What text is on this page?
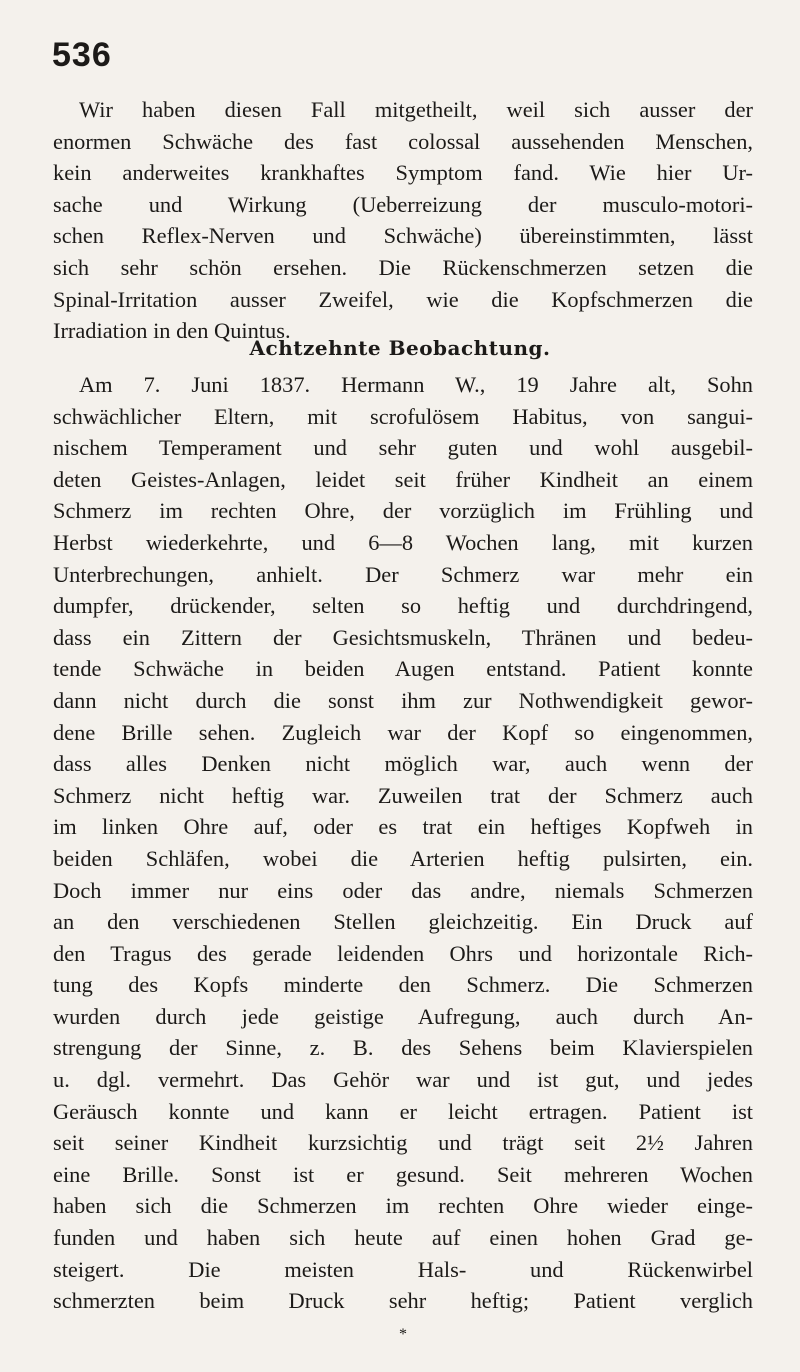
536
Wir haben diesen Fall mitgetheilt, weil sich ausser der
enormen Schwäche des fast colossal aussehenden Menschen,
kein anderweites krankhaftes Symptom fand. Wie hier Ur-
sache und Wirkung (Ueberreizung der musculo-motori-
schen Reflex-Nerven und Schwäche) übereinstimmten, lässt
sich sehr schön ersehen. Die Rückenschmerzen setzen die
Spinal-Irritation ausser Zweifel, wie die Kopfschmerzen die
Irradiation in den Quintus.
Achtzehnte Beobachtung.
Am 7. Juni 1837. Hermann W., 19 Jahre alt, Sohn
schwächlicher Eltern, mit scrofulösem Habitus, von sangui-
nischem Temperament und sehr guten und wohl ausgebil-
deten Geistes-Anlagen, leidet seit früher Kindheit an einem
Schmerz im rechten Ohre, der vorzüglich im Frühling und
Herbst wiederkehrte, und 6—8 Wochen lang, mit kurzen
Unterbrechungen, anhielt. Der Schmerz war mehr ein
dumpfer, drückender, selten so heftig und durchdringend,
dass ein Zittern der Gesichtsmuskeln, Thränen und bedeu-
tende Schwäche in beiden Augen entstand. Patient konnte
dann nicht durch die sonst ihm zur Nothwendigkeit gewor-
dene Brille sehen. Zugleich war der Kopf so eingenommen,
dass alles Denken nicht möglich war, auch wenn der
Schmerz nicht heftig war. Zuweilen trat der Schmerz auch
im linken Ohre auf, oder es trat ein heftiges Kopfweh in
beiden Schläfen, wobei die Arterien heftig pulsirten, ein.
Doch immer nur eins oder das andre, niemals Schmerzen
an den verschiedenen Stellen gleichzeitig. Ein Druck auf
den Tragus des gerade leidenden Ohrs und horizontale Rich-
tung des Kopfs minderte den Schmerz. Die Schmerzen
wurden durch jede geistige Aufregung, auch durch An-
strengung der Sinne, z. B. des Sehens beim Klavierspielen
u. dgl. vermehrt. Das Gehör war und ist gut, und jedes
Geräusch konnte und kann er leicht ertragen. Patient ist
seit seiner Kindheit kurzsichtig und trägt seit 2½ Jahren
eine Brille. Sonst ist er gesund. Seit mehreren Wochen
haben sich die Schmerzen im rechten Ohre wieder einge-
funden und haben sich heute auf einen hohen Grad ge-
steigert. Die meisten Hals- und Rückenwirbel
schmerzten beim Druck sehr heftig; Patient verglich
*
